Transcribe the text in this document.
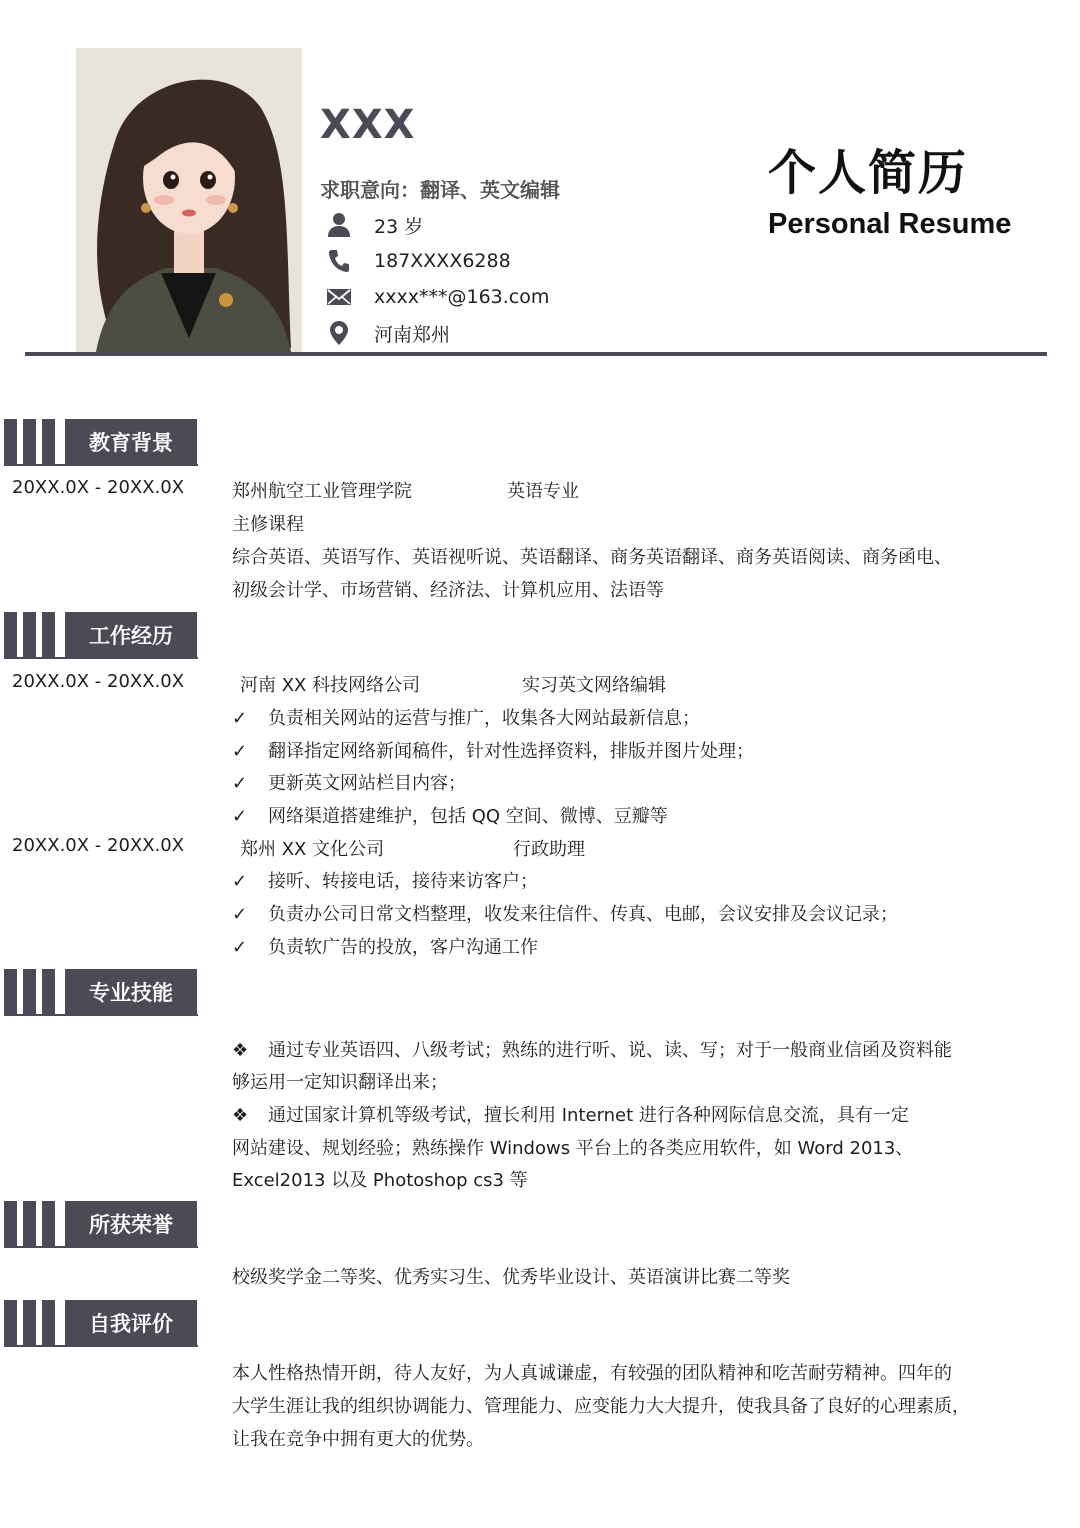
XXX
求职意向：翻译、英文编辑
23 岁
187XXXX6288
xxxx***@163.com
河南郑州
个人简历
Personal Resume
教育背景
20XX.0X - 20XX.0X	郑州航空工业管理学院	英语专业
主修课程
综合英语、英语写作、英语视听说、英语翻译、商务英语翻译、商务英语阅读、商务函电、
初级会计学、市场营销、经济法、计算机应用、法语等
工作经历
20XX.0X - 20XX.0X	河南 XX 科技网络公司	实习英文网络编辑
✓ 负责相关网站的运营与推广，收集各大网站最新信息；
✓ 翻译指定网络新闻稿件，针对性选择资料，排版并图片处理；
✓ 更新英文网站栏目内容；
✓ 网络渠道搭建维护，包括 QQ 空间、微博、豆瓣等
20XX.0X - 20XX.0X	郑州 XX 文化公司	行政助理
✓ 接听、转接电话，接待来访客户；
✓ 负责办公司日常文档整理，收发来往信件、传真、电邮，会议安排及会议记录；
✓ 负责软广告的投放，客户沟通工作
专业技能
❖ 通过专业英语四、八级考试；熟练的进行听、说、读、写；对于一般商业信函及资料能
够运用一定知识翻译出来；
❖ 通过国家计算机等级考试，擅长利用 Internet 进行各种网际信息交流，具有一定
网站建设、规划经验；熟练操作 Windows 平台上的各类应用软件，如 Word 2013、
Excel2013 以及 Photoshop cs3 等
所获荣誉
校级奖学金二等奖、优秀实习生、优秀毕业设计、英语演讲比赛二等奖
自我评价
本人性格热情开朗，待人友好，为人真诚谦虚，有较强的团队精神和吃苦耐劳精神。四年的
大学生涯让我的组织协调能力、管理能力、应变能力大大提升，使我具备了良好的心理素质，
让我在竞争中拥有更大的优势。
